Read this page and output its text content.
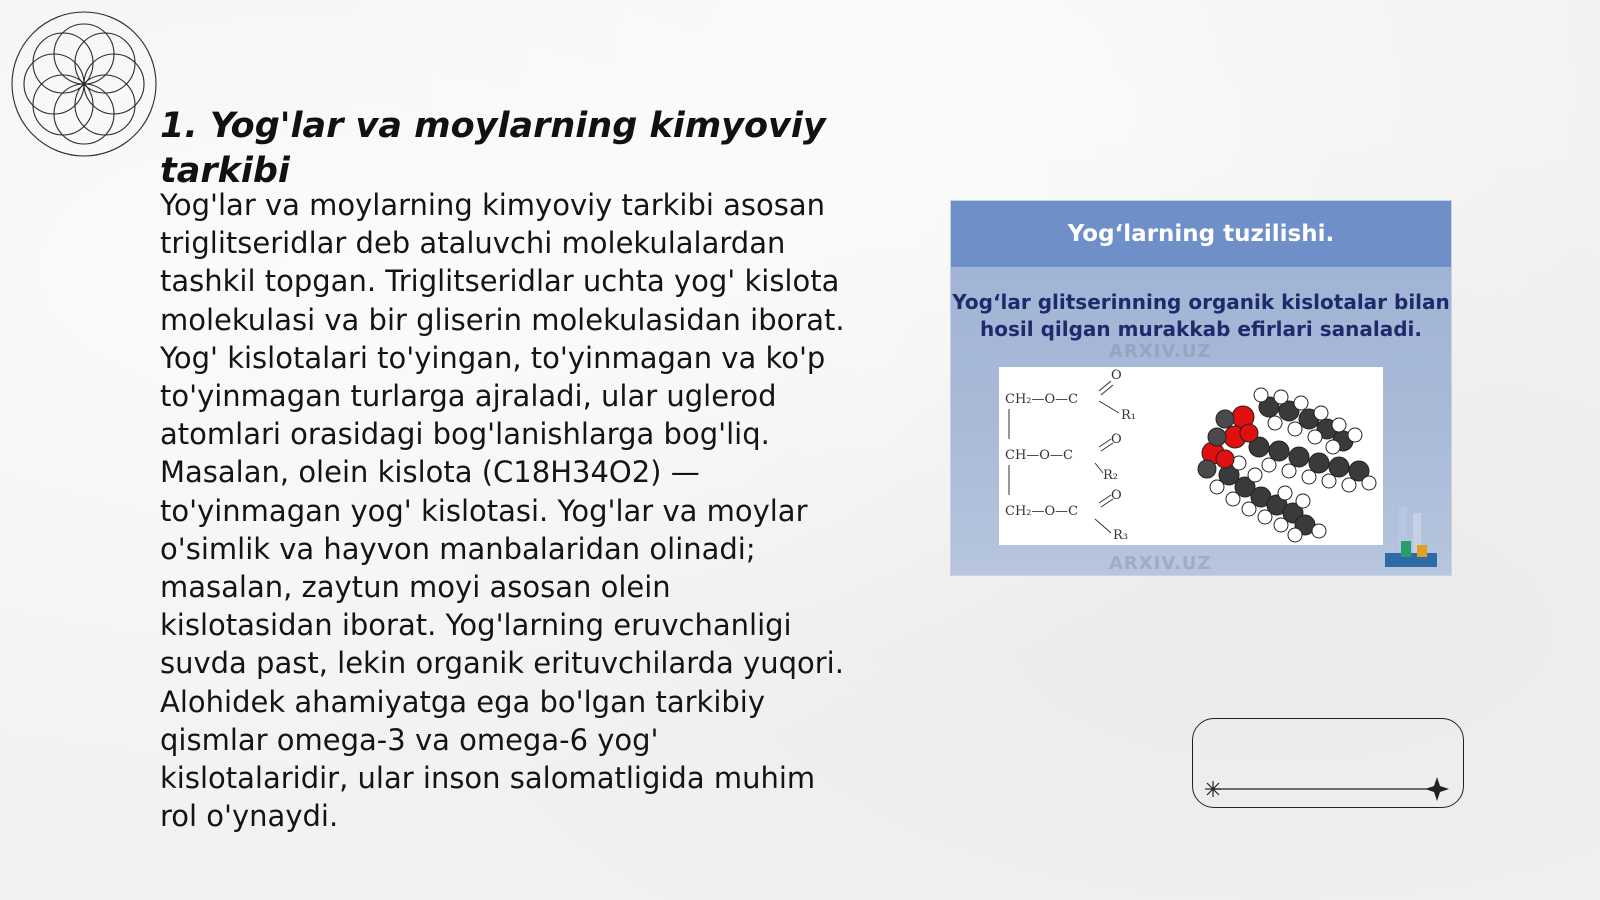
1. Yog'lar va moylarning kimyoviy tarkibi

Yog'lar va moylarning kimyoviy tarkibi asosan triglitseridlar deb ataluvchi molekulalardan tashkil topgan. Triglitseridlar uchta yog' kislota molekulasi va bir gliserin molekulasidan iborat. Yog' kislotalari to'yingan, to'yinmagan va ko'p to'yinmagan turlarga ajraladi, ular uglerod atomlari orasidagi bog'lanishlarga bog'liq. Masalan, olein kislota (C18H34O2) — to'yinmagan yog' kislotasi. Yog'lar va moylar o'simlik va hayvon manbalaridan olinadi; masalan, zaytun moyi asosan olein kislotasidan iborat. Yog'larning eruvchanligi suvda past, lekin organik erituvchilarda yuqori. Alohidek ahamiyatga ega bo'lgan tarkibiy qismlar omega-3 va omega-6 yog' kislotalaridir, ular inson salomatligida muhim rol o'ynaydi.

Yog‘larning tuzilishi.
Yog‘lar glitserinning organik kislotalar bilan hosil qilgan murakkab efirlari sanaladi.
ARXIV.UZ
CH₂—O—C
CH—O—C
CH₂—O—C
O
O
O
R₁
R₂
R₃
ARXIV.UZ
